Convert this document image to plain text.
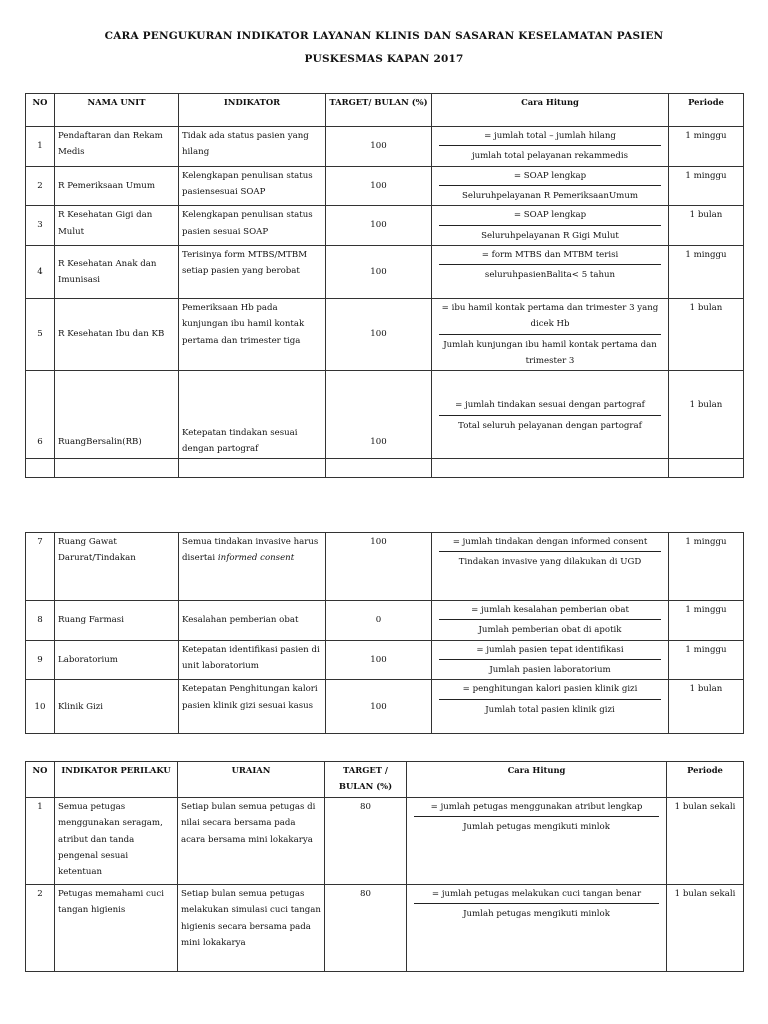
CARA PENGUKURAN INDIKATOR LAYANAN KLINIS DAN SASARAN KESELAMATAN PASIEN
PUSKESMAS KAPAN 2017
NO	NAMA UNIT	INDIKATOR	TARGET/ BULAN (%)	Cara Hitung	Periode
1	Pendaftaran dan Rekam Medis	Tidak ada status pasien yang hilang	100	= jumlah total – jumlah hilang
jumlah total pelayanan rekammedis	1 minggu
2	R Pemeriksaan Umum	Kelengkapan penulisan status pasiensesuai SOAP	100	= SOAP lengkap
Seluruhpelayanan R PemeriksaanUmum	1 minggu
3	R Kesehatan Gigi dan Mulut	Kelengkapan penulisan status pasien sesuai SOAP	100	= SOAP lengkap
Seluruhpelayanan R Gigi Mulut	1 bulan
4	R Kesehatan Anak dan Imunisasi	Terisinya form MTBS/MTBM setiap pasien yang berobat	100	= form MTBS dan MTBM terisi
seluruhpasienBalita< 5 tahun	1 minggu
5	R Kesehatan Ibu dan KB	Pemeriksaan Hb pada kunjungan ibu hamil kontak pertama dan trimester tiga	100	= ibu hamil kontak pertama dan trimester 3 yang dicek Hb
Jumlah kunjungan ibu hamil kontak pertama dan trimester 3	1 bulan
6	RuangBersalin(RB)	Ketepatan tindakan sesuai dengan partograf	100	= jumlah tindakan sesuai dengan partograf
Total seluruh pelayanan dengan partograf	1 bulan

7	Ruang Gawat Darurat/Tindakan	Semua tindakan invasive harus disertai informed consent	100	= jumlah tindakan dengan informed consent
Tindakan invasive yang dilakukan di UGD	1 minggu
8	Ruang Farmasi	Kesalahan pemberian obat	0	= jumlah kesalahan pemberian obat
Jumlah pemberian obat di apotik	1 minggu
9	Laboratorium	Ketepatan identifikasi pasien di unit laboratorium	100	= jumlah pasien tepat identifikasi
Jumlah pasien laboratorium	1 minggu
10	Klinik Gizi	Ketepatan Penghitungan kalori pasien klinik gizi sesuai kasus	100	= penghitungan kalori pasien klinik gizi
Jumlah total pasien klinik gizi	1 bulan
NO	INDIKATOR PERILAKU	URAIAN	TARGET / BULAN (%)	Cara Hitung	Periode
1	Semua petugas menggunakan seragam, atribut dan tanda pengenal sesuai ketentuan	Setiap bulan semua petugas di nilai secara bersama pada acara bersama mini lokakarya	80	= jumlah petugas menggunakan atribut lengkap
Jumlah petugas mengikuti minlok	1 bulan sekali
2	Petugas memahami cuci tangan higienis	Setiap bulan semua petugas melakukan simulasi cuci tangan higienis secara bersama pada mini lokakarya	80	= jumlah petugas melakukan cuci tangan benar
Jumlah petugas mengikuti minlok	1 bulan sekali
